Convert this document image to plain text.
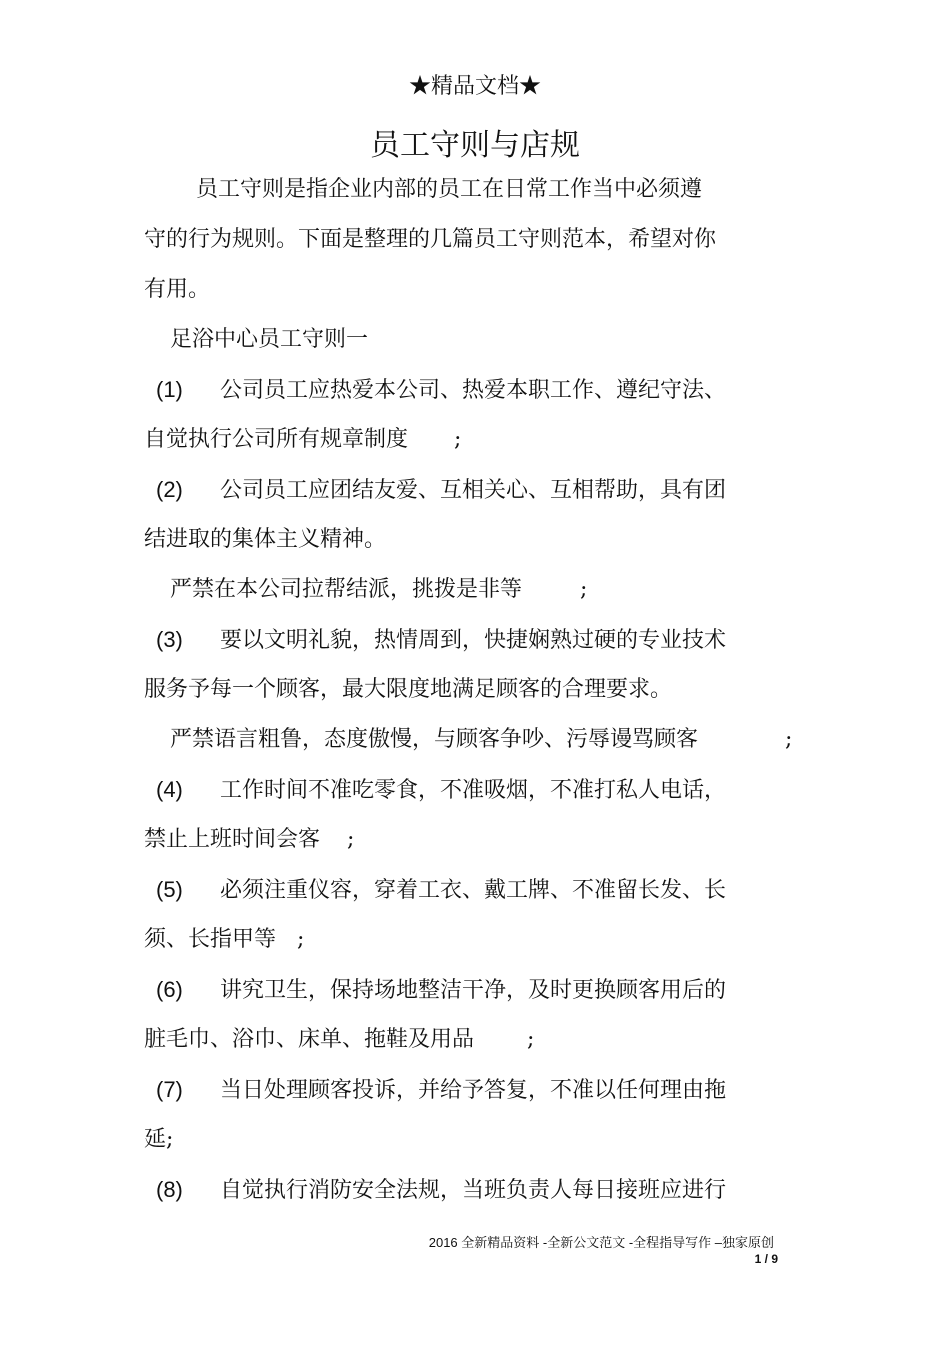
★精品文档★
员工守则与店规
员工守则是指企业内部的员工在日常工作当中必须遵
守的行为规则。下面是整理的几篇员工守则范本，希望对你
有用。
足浴中心员工守则一
(1) 公司员工应热爱本公司、热爱本职工作、遵纪守法、
自觉执行公司所有规章制度 ;
(2) 公司员工应团结友爱、互相关心、互相帮助，具有团
结进取的集体主义精神。
严禁在本公司拉帮结派，挑拨是非等	;
(3) 要以文明礼貌，热情周到，快捷娴熟过硬的专业技术
服务予每一个顾客，最大限度地满足顾客的合理要求。
严禁语言粗鲁，态度傲慢，与顾客争吵、污辱谩骂顾客	;
(4) 工作时间不准吃零食，不准吸烟，不准打私人电话，
禁止上班时间会客 ;
(5) 必须注重仪容，穿着工衣、戴工牌、不准留长发、长
须、长指甲等 ;
(6) 讲究卫生，保持场地整洁干净，及时更换顾客用后的
脏毛巾、浴巾、床单、拖鞋及用品 ;
(7) 当日处理顾客投诉，并给予答复，不准以任何理由拖
延;
(8) 自觉执行消防安全法规，当班负责人每日接班应进行
2016 全新精品资料 -全新公文范文 -全程指导写作 –独家原创
1 / 9
